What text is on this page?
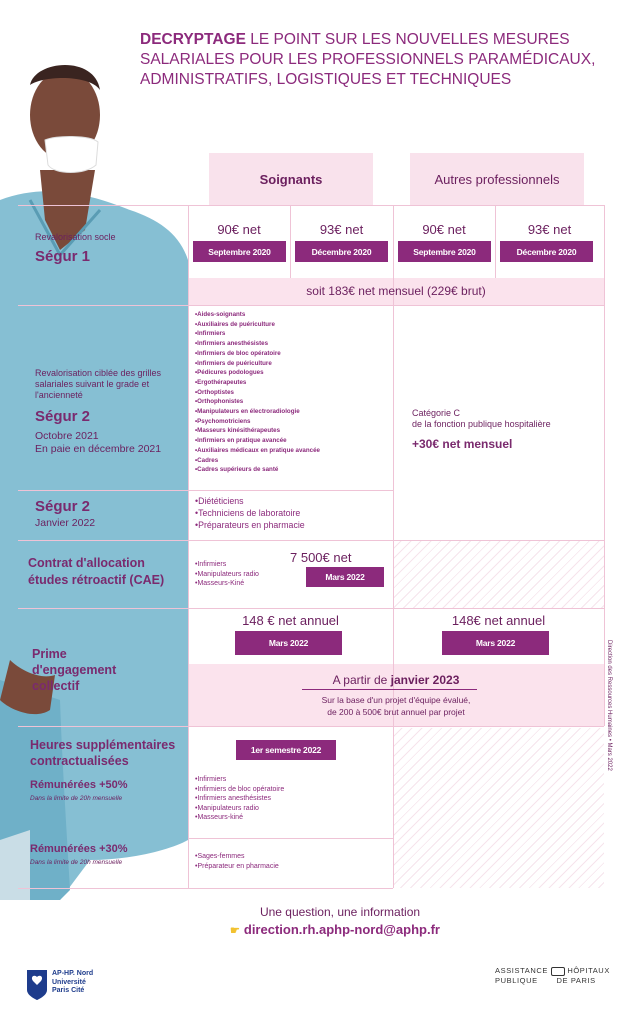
DECRYPTAGE LE POINT SUR LES NOUVELLES MESURES SALARIALES POUR LES PROFESSIONNELS PARAMÉDICAUX, ADMINISTRATIFS, LOGISTIQUES ET TECHNIQUES
Soignants	Autres professionnels
Revalorisation socle
Ségur 1
90€ net	93€ net	90€ net	93€ net
Septembre 2020	Décembre 2020	Septembre 2020	Décembre 2020
soit 183€ net mensuel (229€ brut)
Revalorisation ciblée des grilles salariales suivant le grade et l'ancienneté
Ségur 2
Octobre 2021
En paie en décembre 2021
• Aides-soignants
• Auxiliaires de puériculture
• Infirmiers
• Infirmiers anesthésistes
• Infirmiers de bloc opératoire
• Infirmiers de puériculture
• Pédicures podologues
• Ergothérapeutes
• Orthoptistes
• Orthophonistes
• Manipulateurs en électroradiologie
• Psychomotriciens
• Masseurs kinésithérapeutes
• Infirmiers en pratique avancée
• Auxiliaires médicaux en pratique avancée
• Cadres
• Cadres supérieurs de santé
Catégorie C
de la fonction publique hospitalière
+30€ net mensuel
Ségur 2
Janvier 2022
• Diététiciens
• Techniciens de laboratoire
• Préparateurs en pharmacie
Contrat d'allocation
études rétroactif (CAE)
• Infirmiers
• Manipulateurs radio
• Masseurs-Kiné
7 500€ net
Mars 2022
Prime
d'engagement
collectif
148 € net annuel
Mars 2022
148€ net annuel
Mars 2022
A partir de janvier 2023
Sur la base d'un projet d'équipe évalué,
de 200 à 500€ brut annuel par projet
Heures supplémentaires
contractualisées
1er semestre 2022
Rémunérées +50%
Dans la limite de 20h mensuelle
• Infirmiers
• Infirmiers de bloc opératoire
• Infirmiers anesthésistes
• Manipulateurs radio
• Masseurs-kiné
Rémunérées +30%
Dans la limite de 20h mensuelle
• Sages-femmes
• Préparateur en pharmacie
Direction des Ressources Humaines • Mars 2022
Une question, une information
☛ direction.rh.aphp-nord@aphp.fr
AP-HP. Nord
Université
Paris Cité
ASSISTANCE	HÔPITAUX
PUBLIQUE	DE PARIS
